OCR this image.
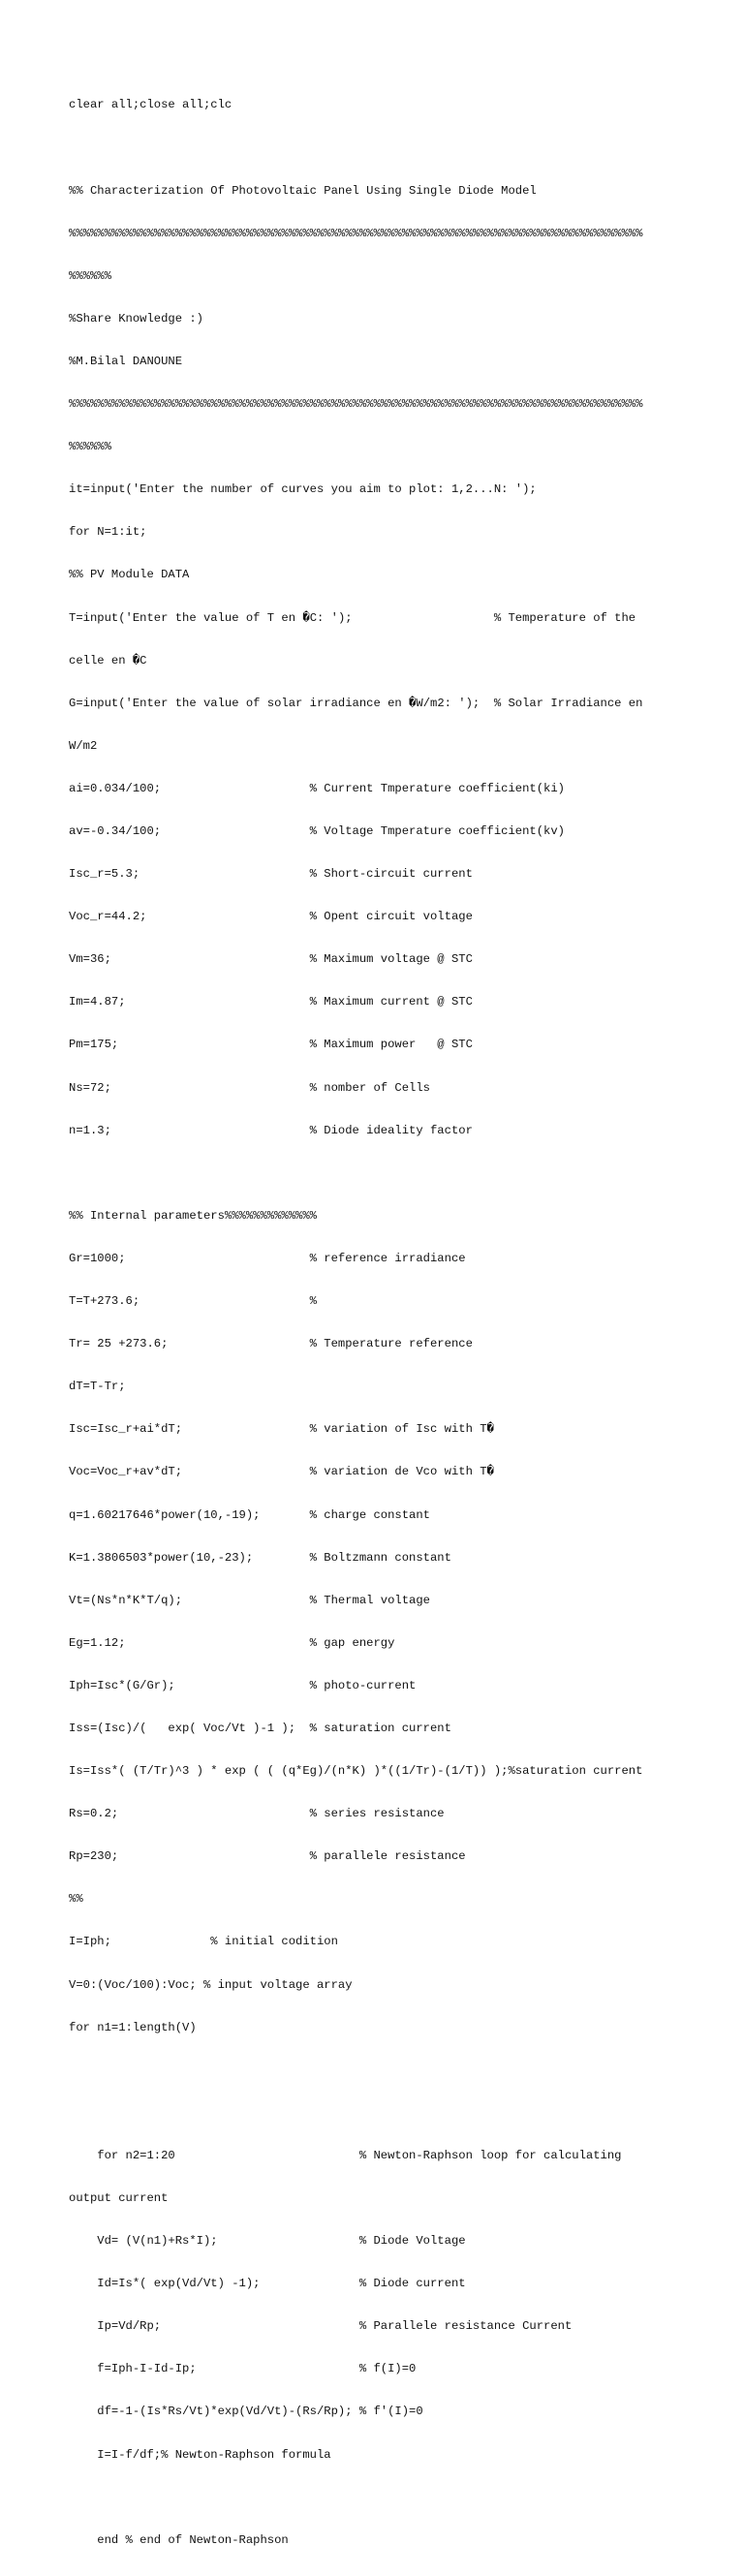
clear all;close all;clc

%% Characterization Of Photovoltaic Panel Using Single Diode Model

%%%%%%%%%%%%%%%%%%%%%%%%%%%%%%%%%%%%%%%%%%%%%%%%%%%%%%%%%%%%%%%%%%%%%%%%%%%%%%%%%

%%%%%%

%Share Knowledge :)

%M.Bilal DANOUNE

%%%%%%%%%%%%%%%%%%%%%%%%%%%%%%%%%%%%%%%%%%%%%%%%%%%%%%%%%%%%%%%%%%%%%%%%%%%%%%%%%

%%%%%%

it=input('Enter the number of curves you aim to plot: 1,2...N: ');

for N=1:it;

%% PV Module DATA

T=input('Enter the value of T en �C: ');                    % Temperature of the

celle en �C

G=input('Enter the value of solar irradiance en �W/m2: ');  % Solar Irradiance en

W/m2

ai=0.034/100;                     % Current Tmperature coefficient(ki)

av=-0.34/100;                     % Voltage Tmperature coefficient(kv)

Isc_r=5.3;                        % Short-circuit current

Voc_r=44.2;                       % Opent circuit voltage

Vm=36;                            % Maximum voltage @ STC

Im=4.87;                          % Maximum current @ STC

Pm=175;                           % Maximum power   @ STC

Ns=72;                            % nomber of Cells

n=1.3;                            % Diode ideality factor

%% Internal parameters%%%%%%%%%%%%%

Gr=1000;                          % reference irradiance

T=T+273.6;                        %

Tr= 25 +273.6;                    % Temperature reference

dT=T-Tr;

Isc=Isc_r+ai*dT;                  % variation of Isc with T�

Voc=Voc_r+av*dT;                  % variation de Vco with T�

q=1.60217646*power(10,-19);       % charge constant

K=1.3806503*power(10,-23);        % Boltzmann constant

Vt=(Ns*n*K*T/q);                  % Thermal voltage

Eg=1.12;                          % gap energy

Iph=Isc*(G/Gr);                   % photo-current

Iss=(Isc)/(   exp( Voc/Vt )-1 );  % saturation current

Is=Iss*( (T/Tr)^3 ) * exp ( ( (q*Eg)/(n*K) )*((1/Tr)-(1/T)) );%saturation current

Rs=0.2;                           % series resistance

Rp=230;                           % parallele resistance

%%

I=Iph;              % initial codition

V=0:(Voc/100):Voc; % input voltage array

for n1=1:length(V)

for n2=1:20                          % Newton-Raphson loop for calculating

output current

Vd= (V(n1)+Rs*I);                    % Diode Voltage

Id=Is*( exp(Vd/Vt) -1);              % Diode current

Ip=Vd/Rp;                            % Parallele resistance Current

f=Iph-I-Id-Ip;                       % f(I)=0

df=-1-(Is*Rs/Vt)*exp(Vd/Vt)-(Rs/Rp); % f'(I)=0

I=I-f/df;% Newton-Raphson formula

end % end of Newton-Raphson
